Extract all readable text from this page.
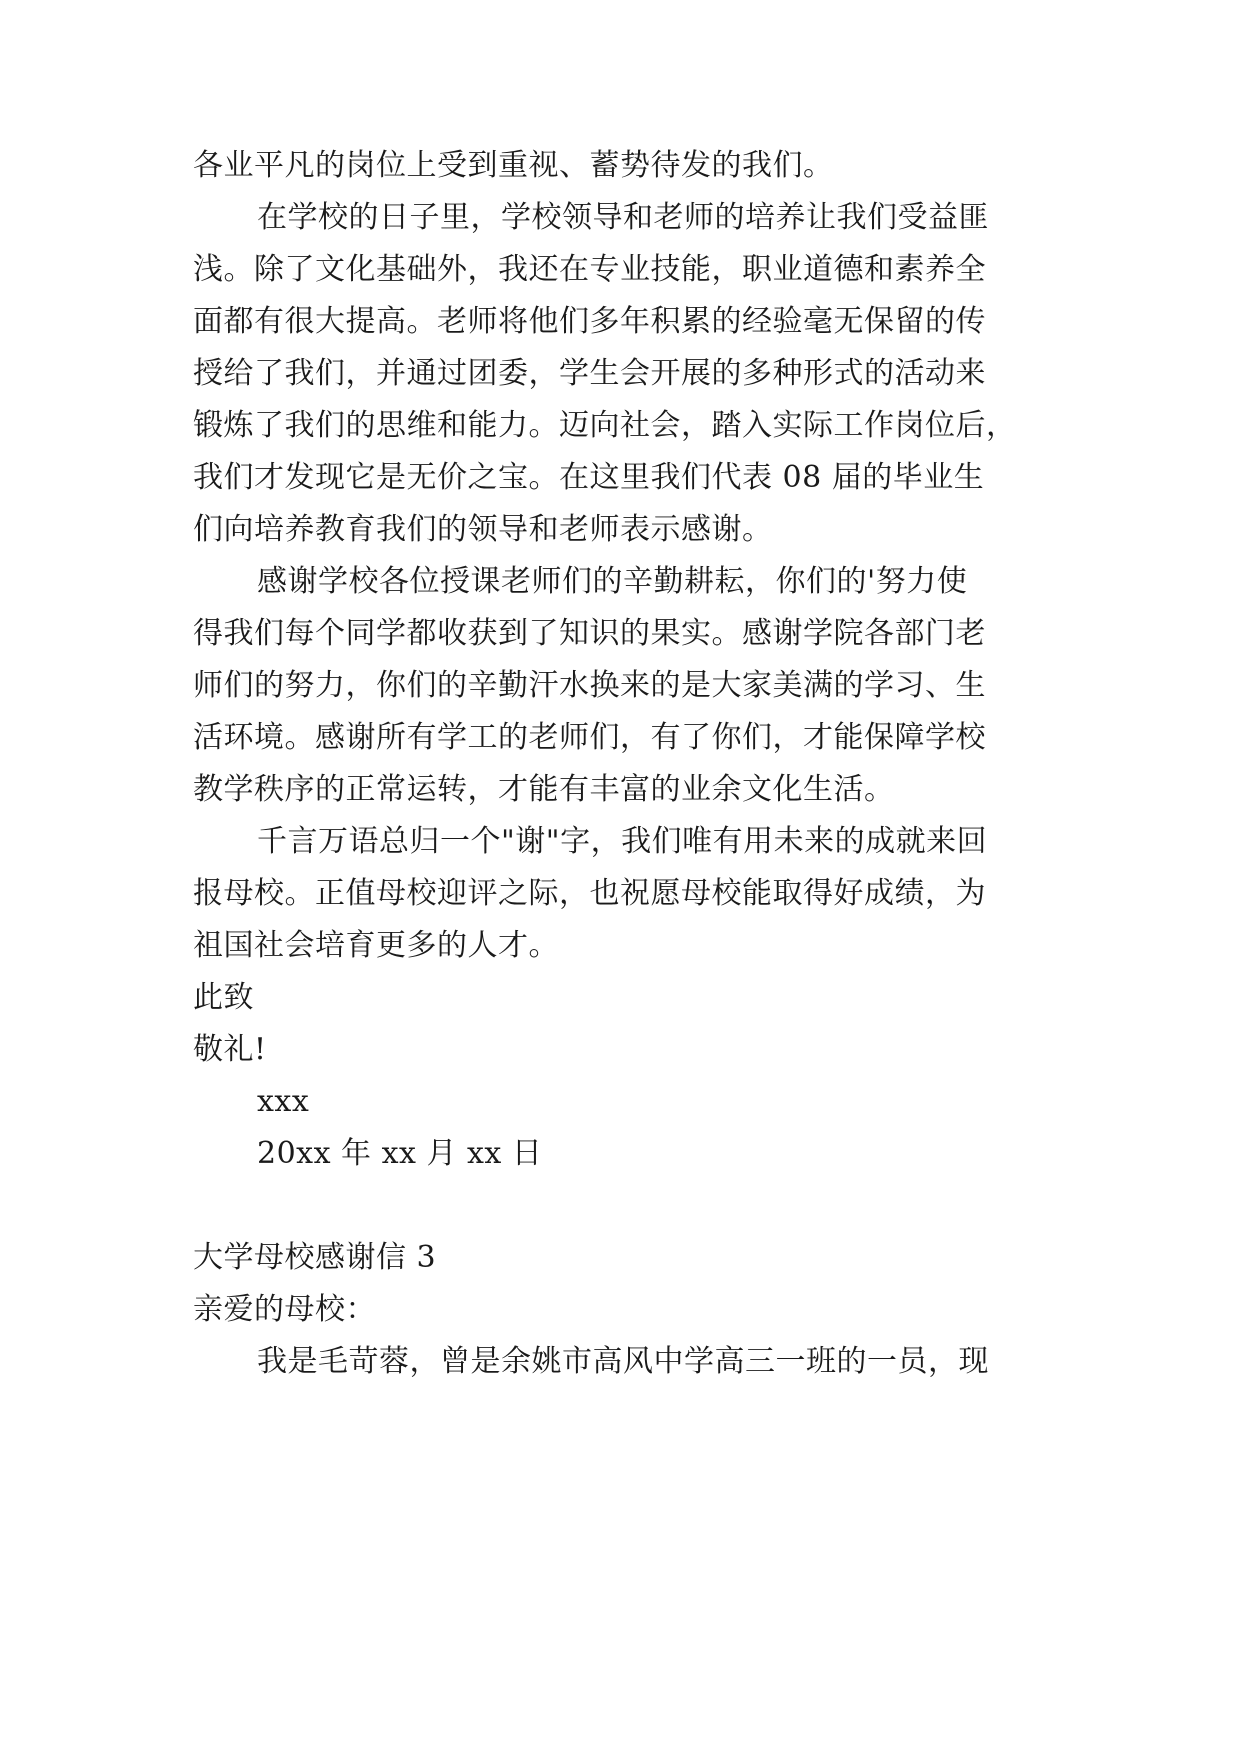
各业平凡的岗位上受到重视、蓄势待发的我们。
在学校的日子里，学校领导和老师的培养让我们受益匪
浅。除了文化基础外，我还在专业技能，职业道德和素养全
面都有很大提高。老师将他们多年积累的经验毫无保留的传
授给了我们，并通过团委，学生会开展的多种形式的活动来
锻炼了我们的思维和能力。迈向社会，踏入实际工作岗位后，
我们才发现它是无价之宝。在这里我们代表 08 届的毕业生
们向培养教育我们的领导和老师表示感谢。
感谢学校各位授课老师们的辛勤耕耘，你们的'努力使
得我们每个同学都收获到了知识的果实。感谢学院各部门老
师们的努力，你们的辛勤汗水换来的是大家美满的学习、生
活环境。感谢所有学工的老师们，有了你们，才能保障学校
教学秩序的正常运转，才能有丰富的业余文化生活。
千言万语总归一个"谢"字，我们唯有用未来的成就来回
报母校。正值母校迎评之际，也祝愿母校能取得好成绩，为
祖国社会培育更多的人才。
此致
敬礼!
xxx
20xx 年 xx 月 xx 日
大学母校感谢信 3
亲爱的母校：
我是毛苛蓉，曾是余姚市高风中学高三一班的一员，现
